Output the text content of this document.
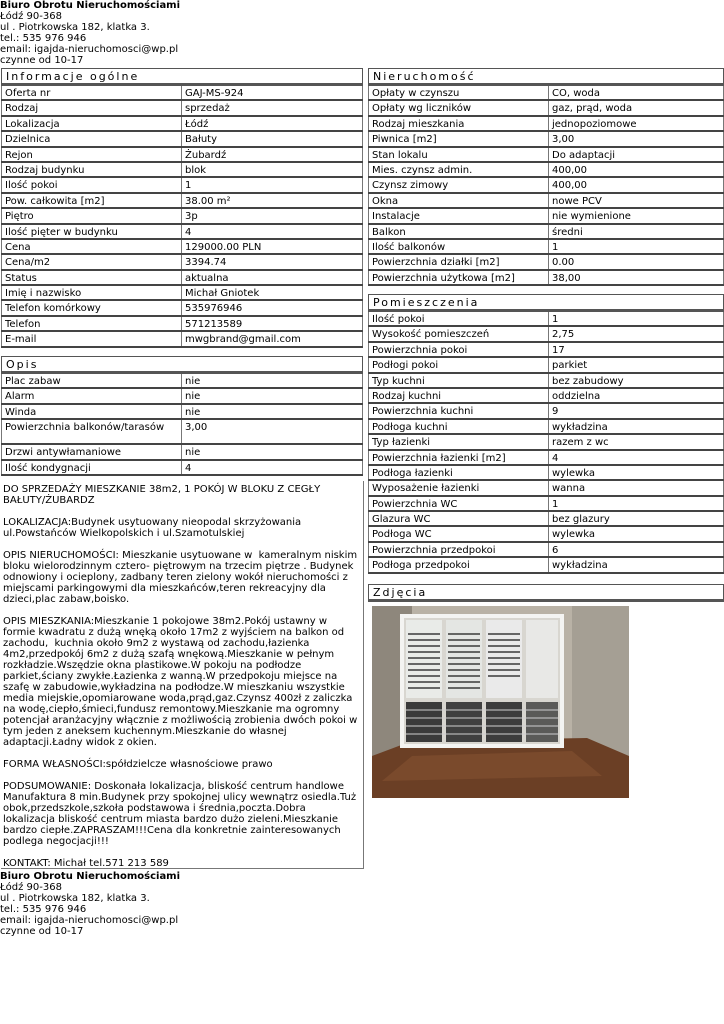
Biuro Obrotu Nieruchomościami
Łódź 90-368
ul . Piotrkowska 182, klatka 3.
tel.: 535 976 946
email: igajda-nieruchomosci@wp.pl
czynne od 10-17
Informacje ogólne
Oferta nr	GAJ-MS-924
Rodzaj	sprzedaż
Lokalizacja	Łódź
Dzielnica	Bałuty
Rejon	Żubardź
Rodzaj budynku	blok
Ilość pokoi	1
Pow. całkowita [m2]	38.00 m²
Piętro	3p
Ilość pięter w budynku	4
Cena	129000.00 PLN
Cena/m2	3394.74
Status	aktualna
Imię i nazwisko	Michał Gniotek
Telefon komórkowy	535976946
Telefon	571213589
E-mail	mwgbrand@gmail.com
Opis
Plac zabaw	nie
Alarm	nie
Winda	nie
Powierzchnia balkonów/tarasów	3,00
Drzwi antywłamaniowe	nie
Ilość kondygnacji	4
DO SPRZEDAŻY MIESZKANIE 38m2, 1 POKÓJ W BLOKU Z CEGŁY BAŁUTY/ŻUBARDZ

LOKALIZACJA:Budynek usytuowany nieopodal skrzyżowania ul.Powstańców Wielkopolskich i ul.Szamotulskiej

OPIS NIERUCHOMOŚCI: Mieszkanie usytuowane w  kameralnym niskim bloku wielorodzinnym cztero- piętrowym na trzecim piętrze . Budynek odnowiony i ocieplony, zadbany teren zielony wokół nieruchomości z miejscami parkingowymi dla mieszkańców,teren rekreacyjny dla dzieci,plac zabaw,boisko.

OPIS MIESZKANIA:Mieszkanie 1 pokojowe 38m2.Pokój ustawny w formie kwadratu z dużą wnęką około 17m2 z wyjściem na balkon od zachodu,  kuchnia około 9m2 z wystawą od zachodu,łazienka 4m2,przedpokój 6m2 z dużą szafą wnękową.Mieszkanie w pełnym rozkładzie.Wszędzie okna plastikowe.W pokoju na podłodze parkiet,ściany zwykłe.Łazienka z wanną.W przedpokoju miejsce na szafę w zabudowie,wykładzina na podłodze.W mieszkaniu wszystkie media miejskie,opomiarowane woda,prąd,gaz.Czynsz 400zł z zaliczka na wodę,ciepło,śmieci,fundusz remontowy.Mieszkanie ma ogromny potencjał aranżacyjny włącznie z możliwością zrobienia dwóch pokoi w tym jeden z aneksem kuchennym.Mieszkanie do własnej adaptacji.Ładny widok z okien.

FORMA WŁASNOŚCI:spółdzielcze własnościowe prawo

PODSUMOWANIE: Doskonała lokalizacja, bliskość centrum handlowe Manufaktura 8 min.Budynek przy spokojnej ulicy wewnątrz osiedla.Tuż obok,przedszkole,szkoła podstawowa i średnia,poczta.Dobra lokalizacja bliskość centrum miasta bardzo dużo zieleni.Mieszkanie bardzo ciepłe.ZAPRASZAM!!!Cena dla konkretnie zainteresowanych podlega negocjacji!!!

KONTAKT: Michał tel.571 213 589
Biuro Obrotu Nieruchomościami
Łódź 90-368
ul . Piotrkowska 182, klatka 3.
tel.: 535 976 946
email: igajda-nieruchomosci@wp.pl
czynne od 10-17
Nieruchomość
Opłaty w czynszu	CO, woda
Opłaty wg liczników	gaz, prąd, woda
Rodzaj mieszkania	jednopoziomowe
Piwnica [m2]	3,00
Stan lokalu	Do adaptacji
Mies. czynsz admin.	400,00
Czynsz zimowy	400,00
Okna	nowe PCV
Instalacje	nie wymienione
Balkon	średni
Ilość balkonów	1
Powierzchnia działki [m2]	0.00
Powierzchnia użytkowa [m2]	38,00
Pomieszczenia
Ilość pokoi	1
Wysokość pomieszczeń	2,75
Powierzchnia pokoi	17
Podłogi pokoi	parkiet
Typ kuchni	bez zabudowy
Rodzaj kuchni	oddzielna
Powierzchnia kuchni	9
Podłoga kuchni	wykładzina
Typ łazienki	razem z wc
Powierzchnia łazienki [m2]	4
Podłoga łazienki	wylewka
Wyposażenie łazienki	wanna
Powierzchnia WC	1
Glazura WC	bez glazury
Podłoga WC	wylewka
Powierzchnia przedpokoi	6
Podłoga przedpokoi	wykładzina
Zdjęcia
